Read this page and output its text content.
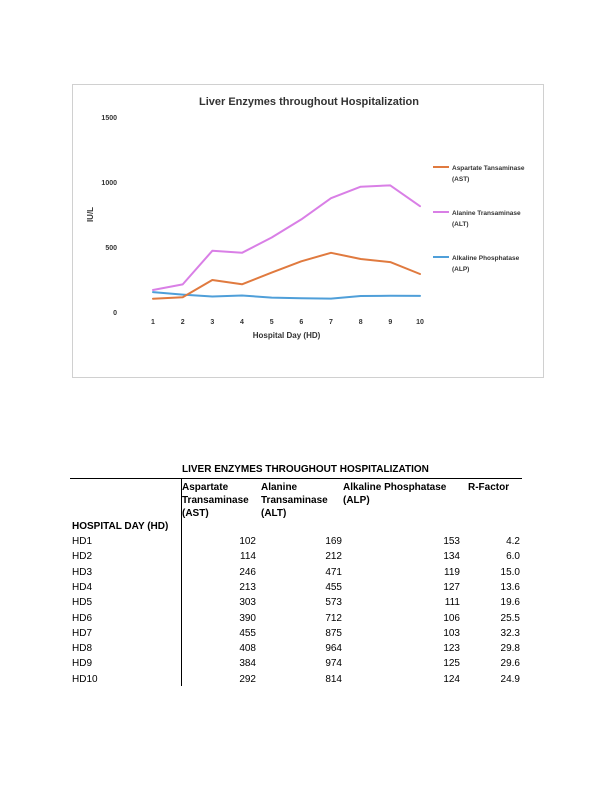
Liver Enzymes throughout Hospitalization
IU/L
0
500
1000
1500
1	2	3	4	5	6	7	8	9	10
Hospital Day (HD)
Aspartate Tansaminase
(AST)
Alanine Transaminase
(ALT)
Alkaline Phosphatase
(ALP)
LIVER ENZYMES THROUGHOUT HOSPITALIZATION
Aspartate Transaminase (AST)
Alanine Transaminase (ALT)
Alkaline Phosphatase (ALP)
R-Factor
HOSPITAL DAY (HD)
HD1	102	169	153	4.2
HD2	114	212	134	6.0
HD3	246	471	119	15.0
HD4	213	455	127	13.6
HD5	303	573	111	19.6
HD6	390	712	106	25.5
HD7	455	875	103	32.3
HD8	408	964	123	29.8
HD9	384	974	125	29.6
HD10	292	814	124	24.9
